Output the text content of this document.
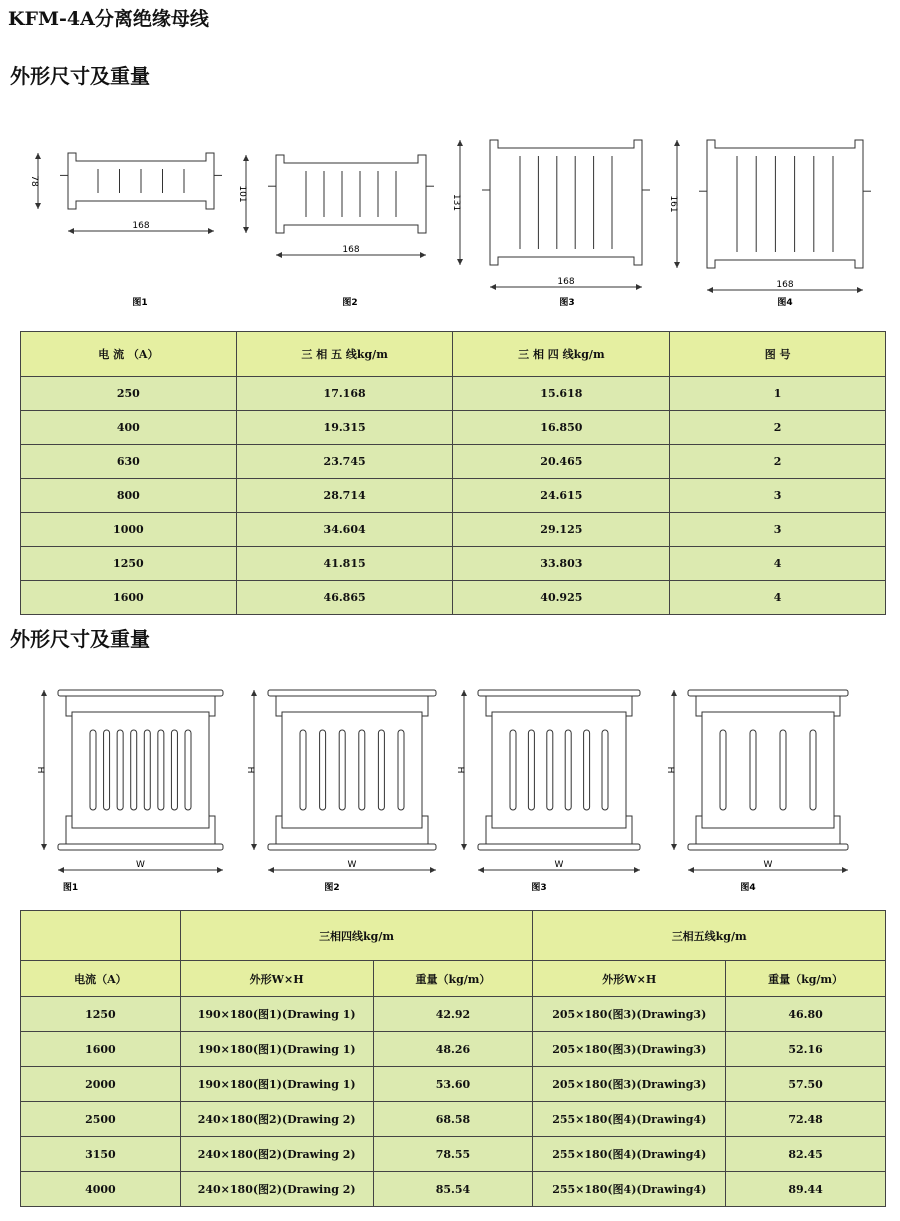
KFM-4A分离绝缘母线
外形尺寸及重量
168
78
图1
168
101
图2
168
131
图3
168
161
图4
电 流 （A）	三 相 五 线kg/m	三 相 四 线kg/m	图 号
250	17.168	15.618	1
400	19.315	16.850	2
630	23.745	20.465	2
800	28.714	24.615	3
1000	34.604	29.125	3
1250	41.815	33.803	4
1600	46.865	40.925	4
外形尺寸及重量
H
W
图1
H
W
图2
H
W
图3
H
W
图4
	三相四线kg/m		三相五线kg/m	
电流（A）	外形W×H	重量（kg/m）	外形W×H	重量（kg/m）
1250	190×180(图1)(Drawing 1)	42.92	205×180(图3)(Drawing3)	46.80
1600	190×180(图1)(Drawing 1)	48.26	205×180(图3)(Drawing3)	52.16
2000	190×180(图1)(Drawing 1)	53.60	205×180(图3)(Drawing3)	57.50
2500	240×180(图2)(Drawing 2)	68.58	255×180(图4)(Drawing4)	72.48
3150	240×180(图2)(Drawing 2)	78.55	255×180(图4)(Drawing4)	82.45
4000	240×180(图2)(Drawing 2)	85.54	255×180(图4)(Drawing4)	89.44
